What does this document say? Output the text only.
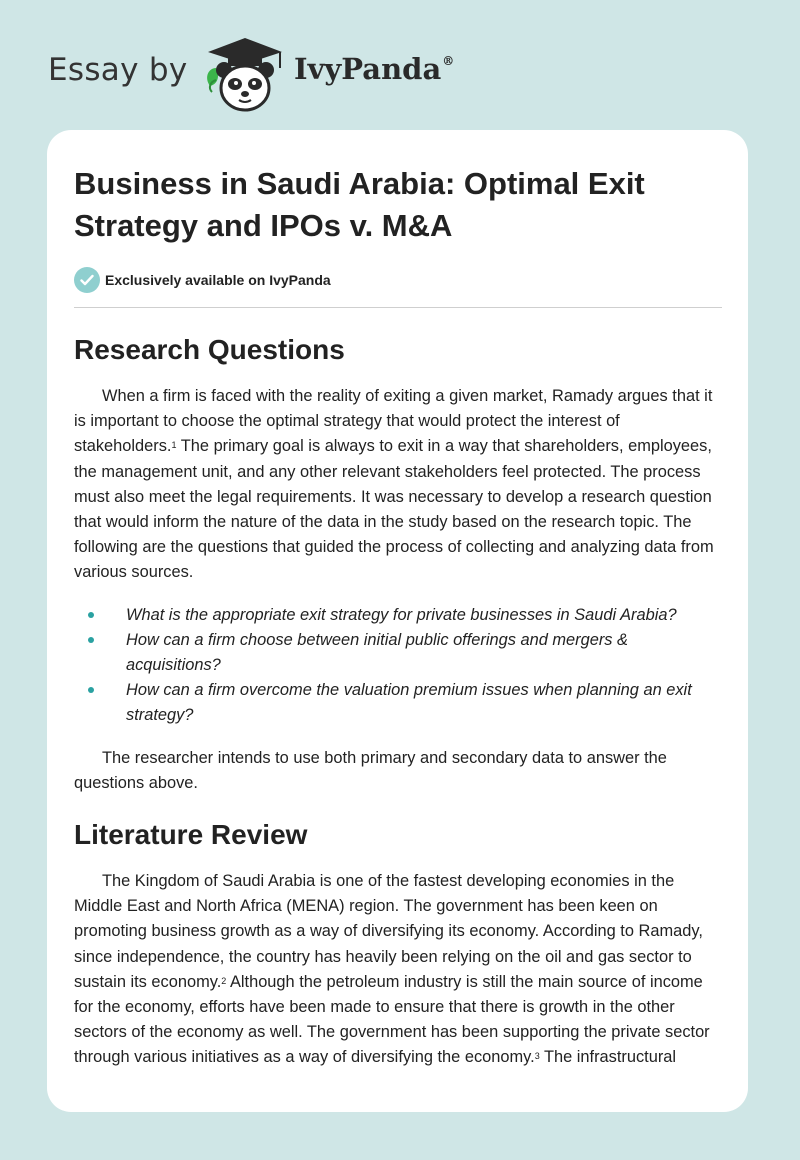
Essay by	IvyPanda®
Business in Saudi Arabia: Optimal Exit Strategy and IPOs v. M&A
Exclusively available on IvyPanda
Research Questions

When a firm is faced with the reality of exiting a given market, Ramady argues that it is important to choose the optimal strategy that would protect the interest of stakeholders.$^1$ The primary goal is always to exit in a way that shareholders, employees, the management unit, and any other relevant stakeholders feel protected. The process must also meet the legal requirements. It was necessary to develop a research question that would inform the nature of the data in the study based on the research topic. The following are the questions that guided the process of collecting and analyzing data from various sources.

What is the appropriate exit strategy for private businesses in Saudi Arabia?
How can a firm choose between initial public offerings and mergers & acquisitions?
How can a firm overcome the valuation premium issues when planning an exit strategy?

The researcher intends to use both primary and secondary data to answer the questions above.

Literature Review

The Kingdom of Saudi Arabia is one of the fastest developing economies in the Middle East and North Africa (MENA) region. The government has been keen on promoting business growth as a way of diversifying its economy. According to Ramady, since independence, the country has heavily been relying on the oil and gas sector to sustain its economy.$^2$ Although the petroleum industry is still the main source of income for the economy, efforts have been made to ensure that there is growth in the other sectors of the economy as well. The government has been supporting the private sector through various initiatives as a way of diversifying the economy.$^3$ The infrastructural
